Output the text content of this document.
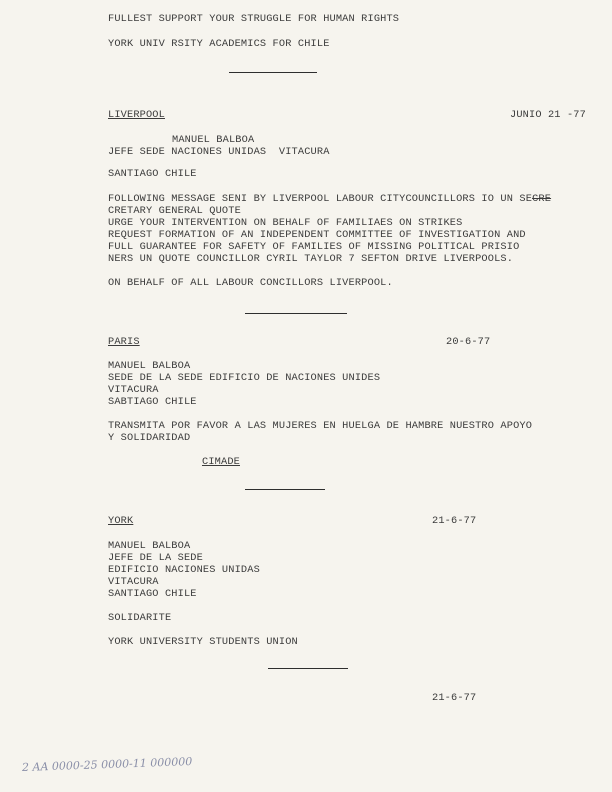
FULLEST SUPPORT YOUR STRUGGLE FOR HUMAN RIGHTS
YORK UNIV RSITY ACADEMICS FOR CHILE
LIVERPOOL	JUNIO 21 -77
MANUEL BALBOA
JEFE SEDE NACIONES UNIDAS  VITACURA
SANTIAGO CHILE
FOLLOWING MESSAGE SENI BY LIVERPOOL LABOUR CITYCOUNCILLORS IO UN SECRE
CRETARY GENERAL QUOTE
URGE YOUR INTERVENTION ON BEHALF OF FAMILIAES ON STRIKES
REQUEST FORMATION OF AN INDEPENDENT COMMITTEE OF INVESTIGATION AND
FULL GUARANTEE FOR SAFETY OF FAMILIES OF MISSING POLITICAL PRISIO
NERS UN QUOTE COUNCILLOR CYRIL TAYLOR 7 SEFTON DRIVE LIVERPOOLS.
ON BEHALF OF ALL LABOUR CONCILLORS LIVERPOOL.
PARIS	20-6-77
MANUEL BALBOA
SEDE DE LA SEDE EDIFICIO DE NACIONES UNIDES
VITACURA
SABTIAGO CHILE
TRANSMITA POR FAVOR A LAS MUJERES EN HUELGA DE HAMBRE NUESTRO APOYO
Y SOLIDARIDAD
CIMADE
YORK	21-6-77
MANUEL BALBOA
JEFE DE LA SEDE
EDIFICIO NACIONES UNIDAS
VITACURA
SANTIAGO CHILE
SOLIDARITE
YORK UNIVERSITY STUDENTS UNION
21-6-77
2 AA 0000-25 0000-11 000000
